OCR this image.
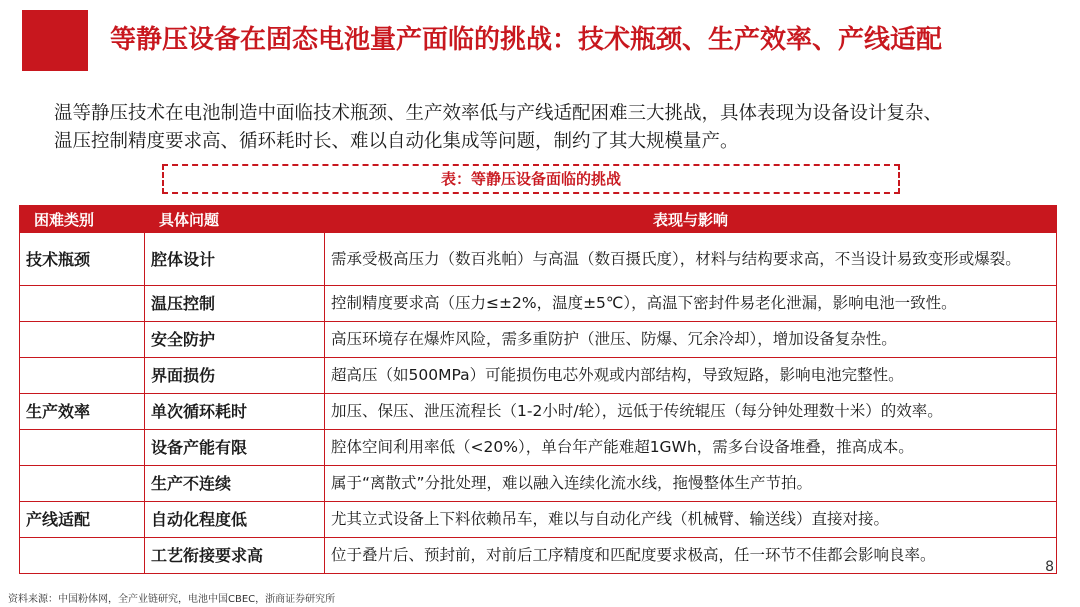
等静压设备在固态电池量产面临的挑战：技术瓶颈、生产效率、产线适配
温等静压技术在电池制造中面临技术瓶颈、生产效率低与产线适配困难三大挑战，具体表现为设备设计复杂、
温压控制精度要求高、循环耗时长、难以自动化集成等问题，制约了其大规模量产。
表：等静压设备面临的挑战
困难类别	具体问题	表现与影响
技术瓶颈	腔体设计	需承受极高压力（数百兆帕）与高温（数百摄氏度），材料与结构要求高，不当设计易致变形或爆裂。
	温压控制	控制精度要求高（压力≤±2%，温度±5℃），高温下密封件易老化泄漏，影响电池一致性。
	安全防护	高压环境存在爆炸风险，需多重防护（泄压、防爆、冗余冷却），增加设备复杂性。
	界面损伤	超高压（如500MPa）可能损伤电芯外观或内部结构，导致短路，影响电池完整性。
生产效率	单次循环耗时	加压、保压、泄压流程长（1-2小时/轮），远低于传统辊压（每分钟处理数十米）的效率。
	设备产能有限	腔体空间利用率低（<20%），单台年产能难超1GWh，需多台设备堆叠，推高成本。
	生产不连续	属于“离散式”分批处理，难以融入连续化流水线，拖慢整体生产节拍。
产线适配	自动化程度低	尤其立式设备上下料依赖吊车，难以与自动化产线（机械臂、输送线）直接对接。
	工艺衔接要求高	位于叠片后、预封前，对前后工序精度和匹配度要求极高，任一环节不佳都会影响良率。
8
资料来源：中国粉体网，全产业链研究，电池中国CBEC，浙商证券研究所
